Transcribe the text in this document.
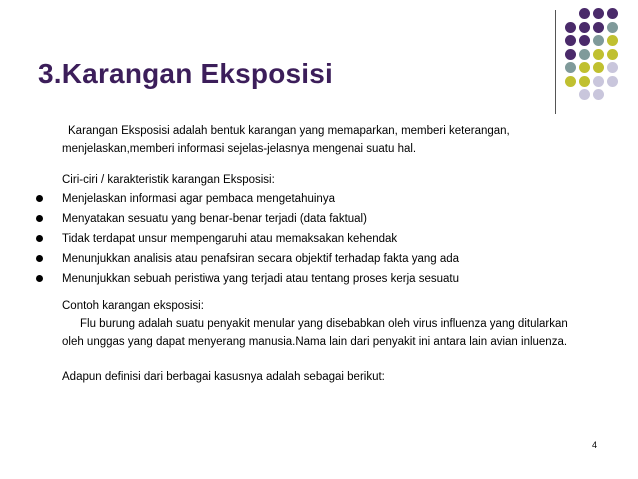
3.Karangan Eksposisi
Karangan Eksposisi adalah bentuk karangan yang memaparkan, memberi keterangan, menjelaskan,memberi informasi sejelas-jelasnya mengenai suatu hal.
Ciri-ciri / karakteristik karangan Eksposisi:
Menjelaskan informasi agar pembaca mengetahuinya
Menyatakan sesuatu yang benar-benar terjadi (data faktual)
Tidak terdapat unsur mempengaruhi atau memaksakan kehendak
Menunjukkan analisis atau penafsiran secara objektif terhadap fakta yang ada
Menunjukkan sebuah peristiwa yang terjadi atau tentang proses kerja sesuatu
Contoh karangan eksposisi:
Flu burung adalah suatu penyakit menular yang disebabkan oleh virus influenza yang ditularkan oleh unggas yang dapat menyerang manusia.Nama lain dari penyakit ini antara lain avian inluenza.
Adapun definisi dari berbagai kasusnya adalah sebagai berikut:
4
